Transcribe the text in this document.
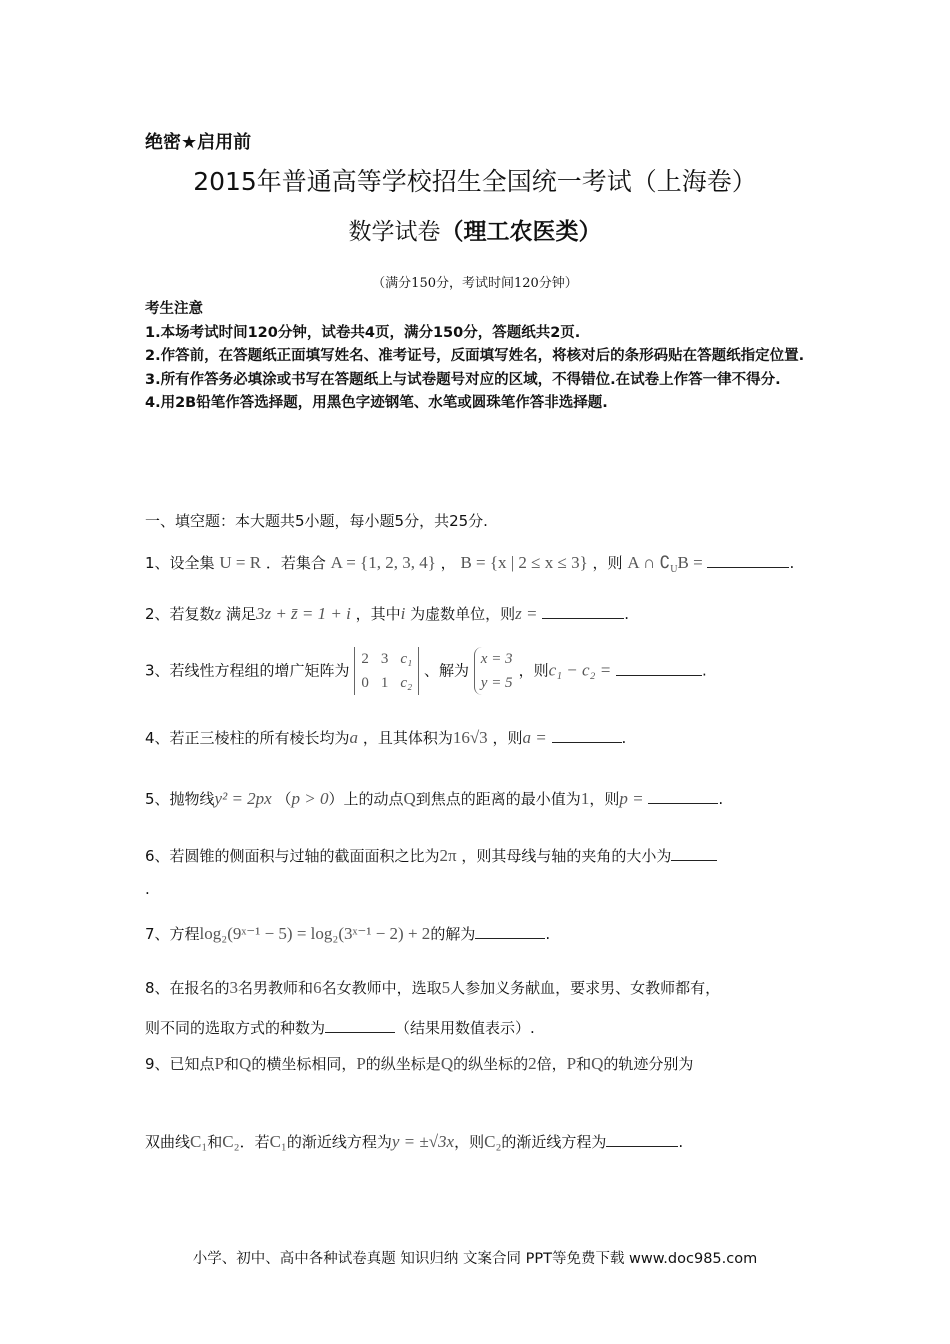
绝密★启用前
2015年普通高等学校招生全国统一考试（上海卷）
数学试卷（理工农医类）
（满分150分，考试时间120分钟）
考生注意
1.本场考试时间120分钟，试卷共4页，满分150分，答题纸共2页.
2.作答前，在答题纸正面填写姓名、准考证号，反面填写姓名，将核对后的条形码贴在答题纸指定位置.
3.所有作答务必填涂或书写在答题纸上与试卷题号对应的区域，不得错位.在试卷上作答一律不得分.
4.用2B铅笔作答选择题，用黑色字迹钢笔、水笔或圆珠笔作答非选择题.
一、填空题：本大题共5小题，每小题5分，共25分.
1、设全集 U = R ．若集合 A = {1, 2, 3, 4} ， B = {x | 2 ≤ x ≤ 3} ，则 A ∩ $∁_UB$ =	.
2、若复数z 满足3z + z̄ = 1 + i ，其中i 为虚数单位，则z =	.
3、若线性方程组的增广矩阵为 2	3	c₁
0	1	c₂ 、解为 x = 3
y = 5，则c₁ − c₂ =	.
4、若正三棱柱的所有棱长均为a ，且其体积为16√3 ，则a =	.
5、抛物线y² = 2px （p > 0）上的动点Q到焦点的距离的最小值为1，则p =	.
6、若圆锥的侧面积与过轴的截面面积之比为2π ，则其母线与轴的夹角的大小为
.
7、方程log₂(9ˣ⁻¹ − 5) = log₂(3ˣ⁻¹ − 2) + 2的解为	.
8、在报名的3名男教师和6名女教师中，选取5人参加义务献血，要求男、女教师都有，
则不同的选取方式的种数为	（结果用数值表示）.
9、已知点P和Q的横坐标相同，P的纵坐标是Q的纵坐标的2倍，P和Q的轨迹分别为
双曲线C₁和C₂．若C₁的渐近线方程为y = ±√3x，则C₂的渐近线方程为	.
小学、初中、高中各种试卷真题 知识归纳 文案合同 PPT等免费下载 www.doc985.com
